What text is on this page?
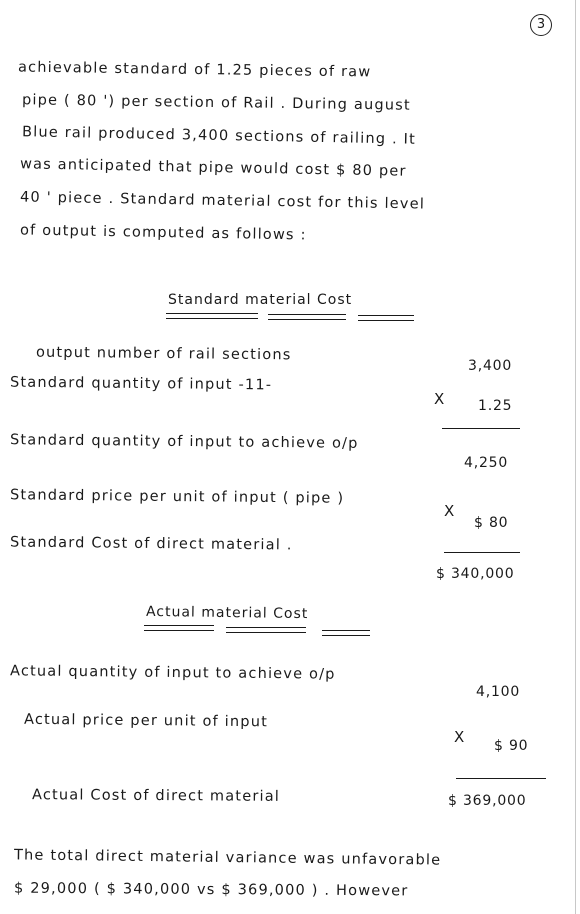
3
achievable standard of 1.25 pieces of raw
pipe ( 80 ') per section of Rail . During august
Blue rail produced 3,400 sections of railing . It
was anticipated that pipe would cost $ 80 per
40 ' piece . Standard material cost for this level
of output is computed as follows :
Standard material Cost
output number of rail sections
3,400
Standard quantity of input -11-
X 1.25
Standard quantity of input to achieve o/p
4,250
Standard price per unit of input ( pipe )
X
$ 80
Standard Cost of direct material .
$ 340,000
Actual material Cost
Actual quantity of input to achieve o/p
4,100
Actual price per unit of input
X $ 90
Actual Cost of direct material	$ 369,000
The total direct material variance was unfavorable
$ 29,000 ( $ 340,000 vs $ 369,000 ) . However
